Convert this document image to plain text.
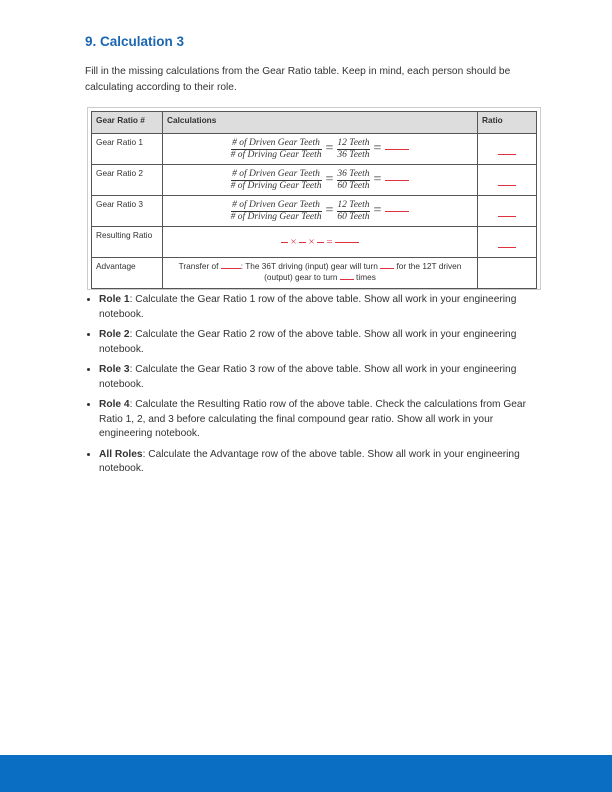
9. Calculation 3

Fill in the missing calculations from the Gear Ratio table. Keep in mind, each person should be calculating according to their role.

Gear Ratio #	Calculations	Ratio
Gear Ratio 1	$\frac{\text{\# of Driven Gear Teeth}}{\text{\# of Driving Gear Teeth}} = \frac{\text{12 Teeth}}{\text{36 Teeth}}$ =	
Gear Ratio 2	$\frac{\text{\# of Driven Gear Teeth}}{\text{\# of Driving Gear Teeth}} = \frac{\text{36 Teeth}}{\text{60 Teeth}}$ =	
Gear Ratio 3	$\frac{\text{\# of Driven Gear Teeth}}{\text{\# of Driving Gear Teeth}} = \frac{\text{12 Teeth}}{\text{60 Teeth}}$ =	
Resulting Ratio	× × =	
Advantage	Transfer of : The 36T driving (input) gear will turn  for the 12T driven (output) gear to turn  times	
• Role 1: Calculate the Gear Ratio 1 row of the above table. Show all work in your engineering notebook.
• Role 2: Calculate the Gear Ratio 2 row of the above table. Show all work in your engineering notebook.
• Role 3: Calculate the Gear Ratio 3 row of the above table. Show all work in your engineering notebook.
• Role 4: Calculate the Resulting Ratio row of the above table. Check the calculations from Gear Ratio 1, 2, and 3 before calculating the final compound gear ratio. Show all work in your engineering notebook.
• All Roles: Calculate the Advantage row of the above table. Show all work in your engineering notebook.
